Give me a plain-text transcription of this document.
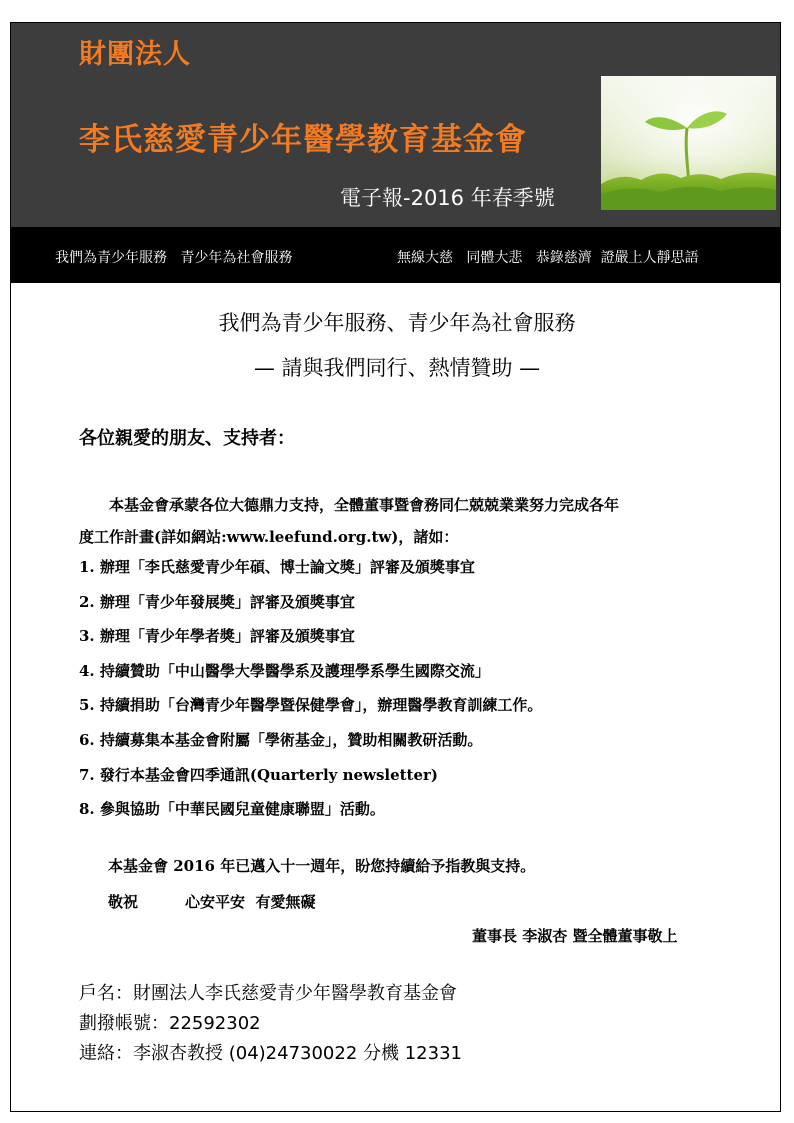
財團法人
李氏慈愛青少年醫學教育基金會
電子報-2016 年春季號
我們為青少年服務   青少年為社會服務	無線大慈   同體大悲   恭錄慈濟  證嚴上人靜思語
我們為青少年服務、青少年為社會服務
— 請與我們同行、熱情贊助 —
各位親愛的朋友、支持者：
本基金會承蒙各位大德鼎力支持，全體董事暨會務同仁兢兢業業努力完成各年
度工作計畫(詳如網站:www.leefund.org.tw)，諸如：
1. 辦理「李氏慈愛青少年碩、博士論文獎」評審及頒獎事宜
2. 辦理「青少年發展獎」評審及頒獎事宜
3. 辦理「青少年學者獎」評審及頒獎事宜
4. 持續贊助「中山醫學大學醫學系及護理學系學生國際交流」
5. 持續捐助「台灣青少年醫學暨保健學會」，辦理醫學教育訓練工作。
6. 持續募集本基金會附屬「學術基金」，贊助相關教研活動。
7. 發行本基金會四季通訊(Quarterly newsletter)
8. 參與協助「中華民國兒童健康聯盟」活動。
本基金會 2016 年已邁入十一週年，盼您持續給予指教與支持。
敬祝         心安平安  有愛無礙
董事長 李淑杏 暨全體董事敬上
戶名：財團法人李氏慈愛青少年醫學教育基金會
劃撥帳號：22592302
連絡：李淑杏教授 (04)24730022 分機 12331
